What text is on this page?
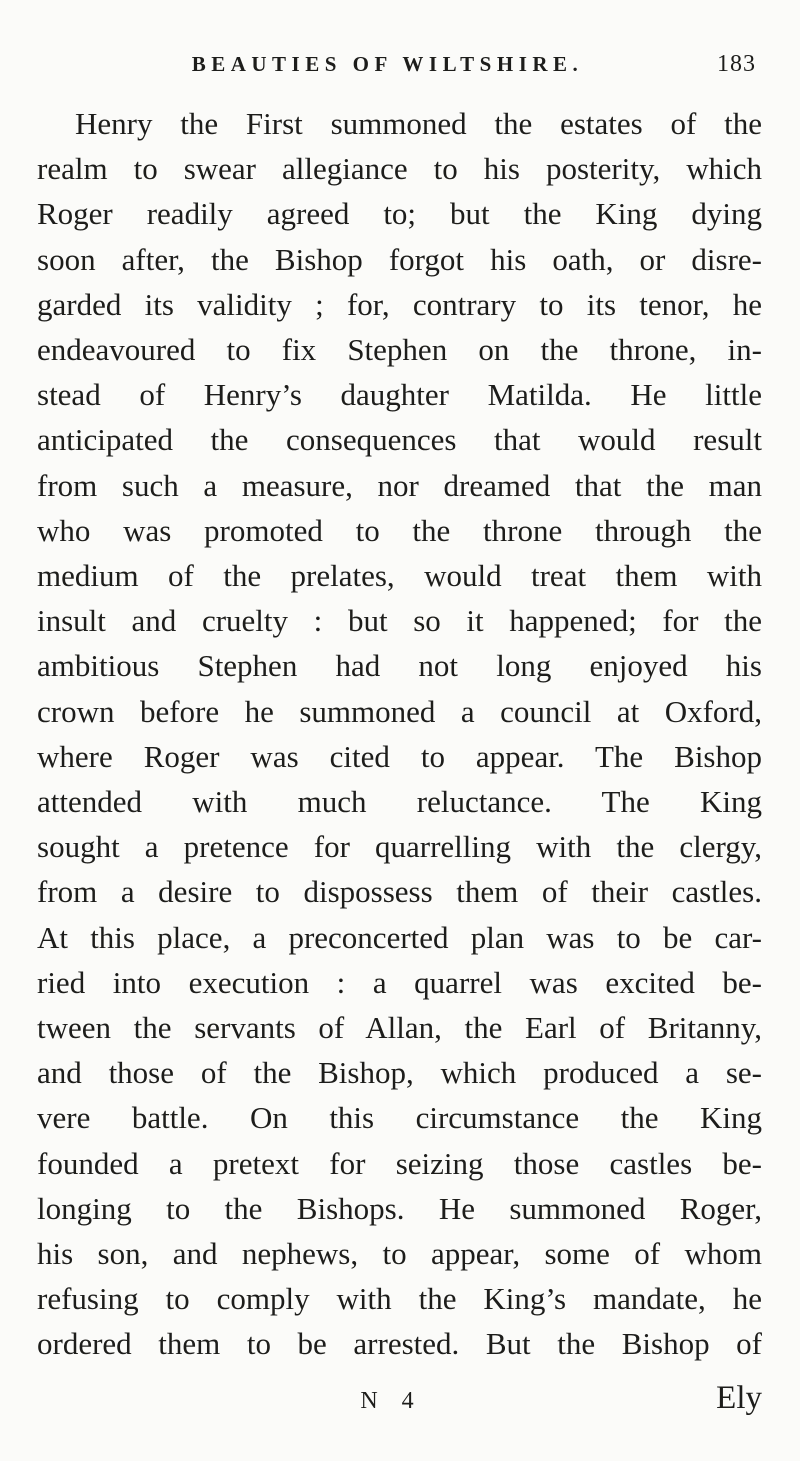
BEAUTIES OF WILTSHIRE.	183
Henry the First summoned the estates of the
realm to swear allegiance to his posterity, which
Roger readily agreed to; but the King dying
soon after, the Bishop forgot his oath, or disre-
garded its validity ; for, contrary to its tenor, he
endeavoured to fix Stephen on the throne, in-
stead of Henry’s daughter Matilda. He little
anticipated the consequences that would result
from such a measure, nor dreamed that the man
who was promoted to the throne through the
medium of the prelates, would treat them with
insult and cruelty : but so it happened; for the
ambitious Stephen had not long enjoyed his
crown before he summoned a council at Oxford,
where Roger was cited to appear. The Bishop
attended with much reluctance. The King
sought a pretence for quarrelling with the clergy,
from a desire to dispossess them of their castles.
At this place, a preconcerted plan was to be car-
ried into execution : a quarrel was excited be-
tween the servants of Allan, the Earl of Britanny,
and those of the Bishop, which produced a se-
vere battle. On this circumstance the King
founded a pretext for seizing those castles be-
longing to the Bishops. He summoned Roger,
his son, and nephews, to appear, some of whom
refusing to comply with the King’s mandate, he
ordered them to be arrested. But the Bishop of
N 4	Ely
